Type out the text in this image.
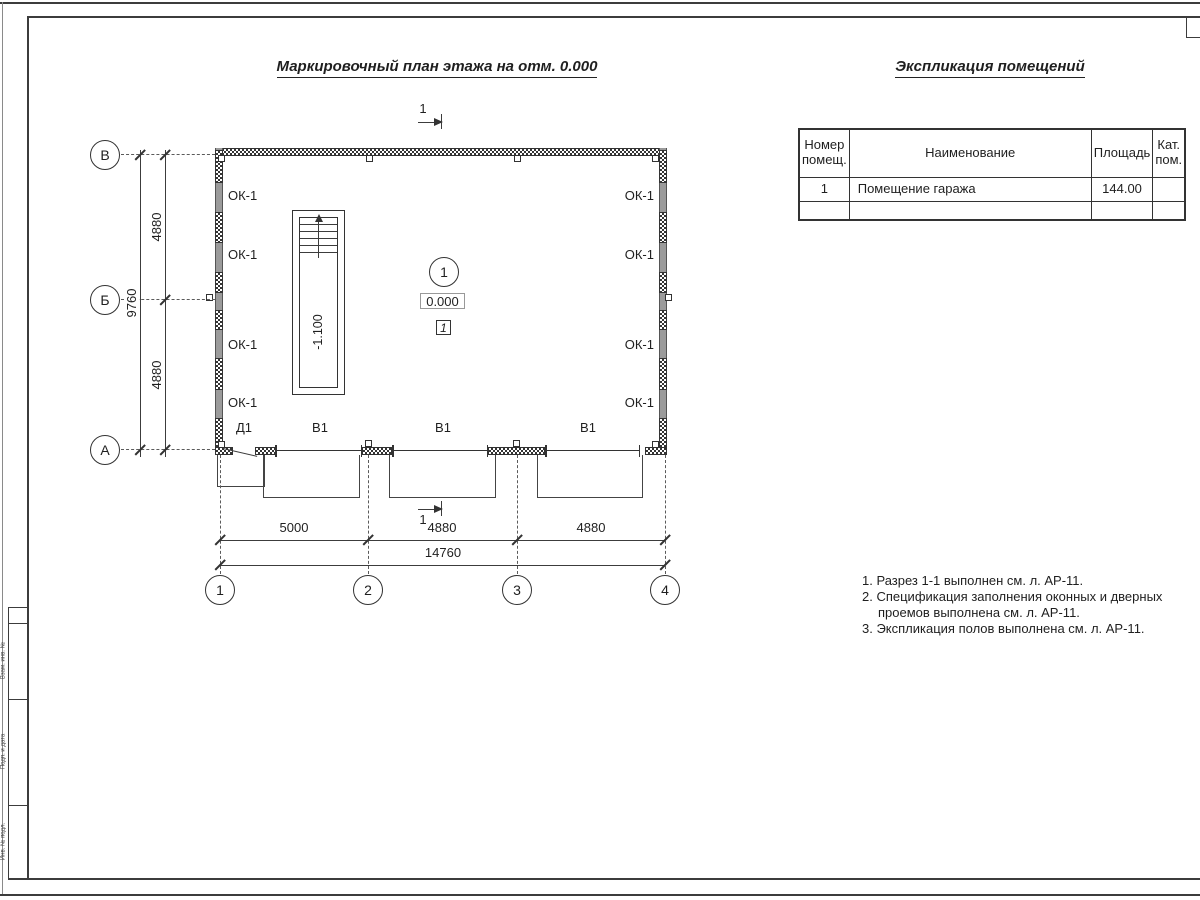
Взам. инв. №
Подп. и дата
Инв. № подл.
Маркировочный план этажа на отм. 0.000	Экспликация помещений
Номер помещ.	Наименование	Площадь	Кат. пом.
1	Помещение гаража	144.00	

1. Разрез 1-1 выполнен см. л. АР-11.
2. Спецификация заполнения оконных и дверных
проемов выполнена см. л. АР-11.
3. Экспликация полов выполнена см. л. АР-11.
-1.100
1
0.000
1
ОК-1
ОК-1
ОК-1
ОК-1
ОК-1
ОК-1
ОК-1
ОК-1
Д1	В1	В1	В1
1
1
В
Б
А
1	2	3	4
5000	4880	4880
14760
4880
4880
9760
